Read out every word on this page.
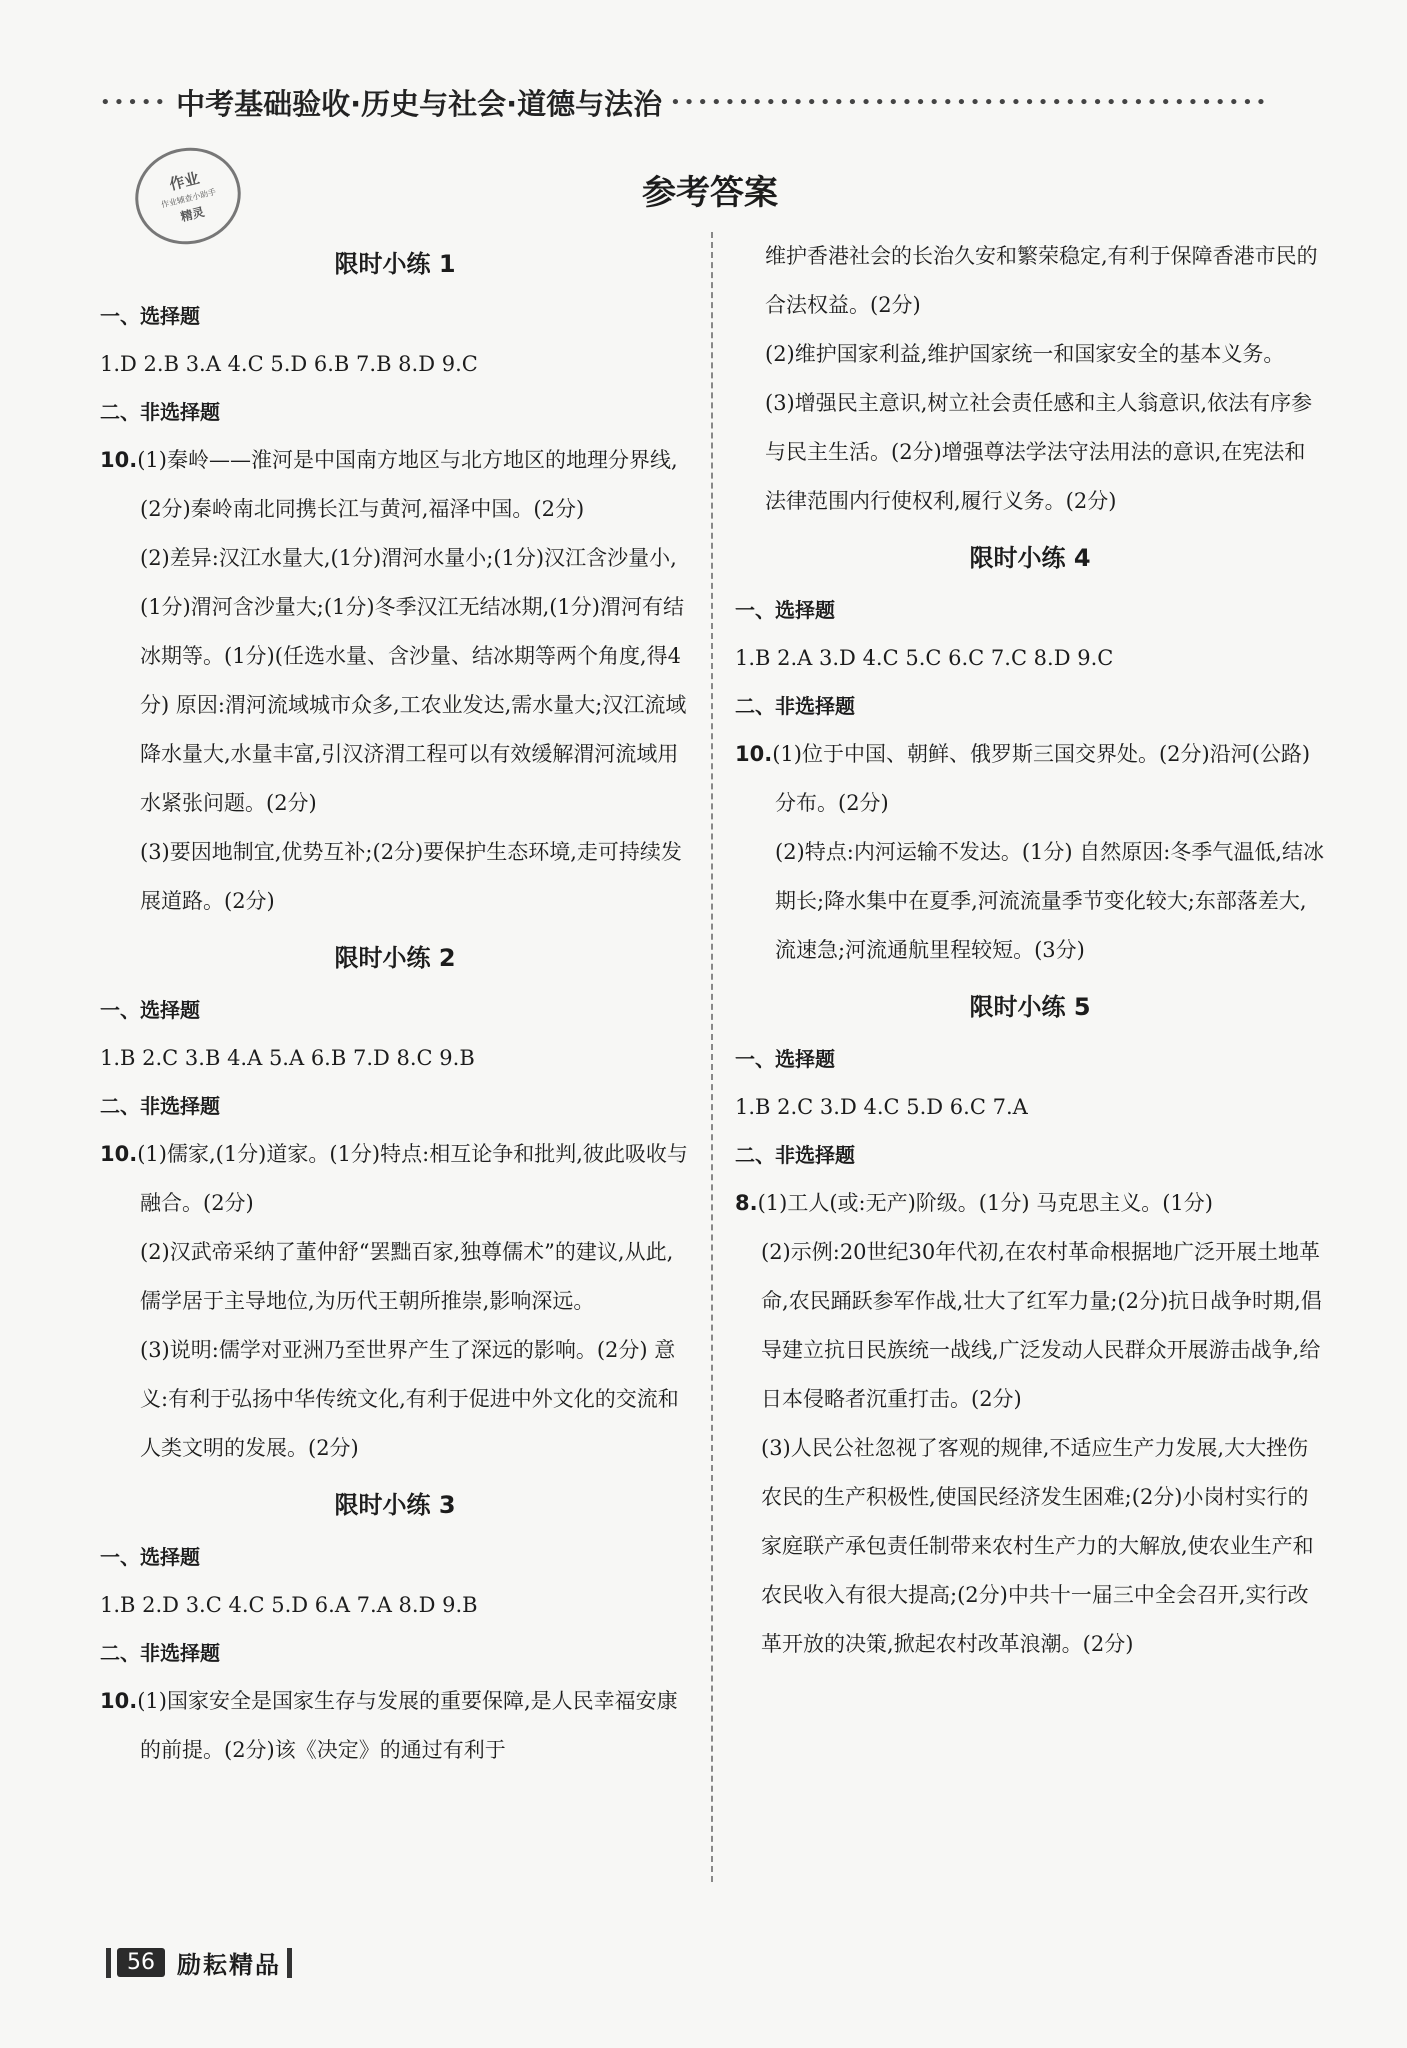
••••• 中考基础验收·历史与社会·道德与法治 ••••••••••••••••••••••••••••••••••••••••••••
作业
作业辅查小助手
精灵
参考答案
限时小练 1
一、选择题
1.D 2.B 3.A 4.C 5.D 6.B 7.B 8.D 9.C
二、非选择题

10.(1)秦岭——淮河是中国南方地区与北方地区的地理分界线,(2分)秦岭南北同携长江与黄河,福泽中国。(2分)

(2)差异:汉江水量大,(1分)渭河水量小;(1分)汉江含沙量小,(1分)渭河含沙量大;(1分)冬季汉江无结冰期,(1分)渭河有结冰期等。(1分)(任选水量、含沙量、结冰期等两个角度,得4分) 原因:渭河流域城市众多,工农业发达,需水量大;汉江流域降水量大,水量丰富,引汉济渭工程可以有效缓解渭河流域用水紧张问题。(2分)

(3)要因地制宜,优势互补;(2分)要保护生态环境,走可持续发展道路。(2分)

限时小练 2
一、选择题
1.B 2.C 3.B 4.A 5.A 6.B 7.D 8.C 9.B
二、非选择题

10.(1)儒家,(1分)道家。(1分)特点:相互论争和批判,彼此吸收与融合。(2分)

(2)汉武帝采纳了董仲舒“罢黜百家,独尊儒术”的建议,从此,儒学居于主导地位,为历代王朝所推崇,影响深远。

(3)说明:儒学对亚洲乃至世界产生了深远的影响。(2分) 意义:有利于弘扬中华传统文化,有利于促进中外文化的交流和人类文明的发展。(2分)

限时小练 3
一、选择题
1.B 2.D 3.C 4.C 5.D 6.A 7.A 8.D 9.B
二、非选择题

10.(1)国家安全是国家生存与发展的重要保障,是人民幸福安康的前提。(2分)该《决定》的通过有利于

维护香港社会的长治久安和繁荣稳定,有利于保障香港市民的合法权益。(2分)

(2)维护国家利益,维护国家统一和国家安全的基本义务。

(3)增强民主意识,树立社会责任感和主人翁意识,依法有序参与民主生活。(2分)增强尊法学法守法用法的意识,在宪法和法律范围内行使权利,履行义务。(2分)

限时小练 4
一、选择题
1.B 2.A 3.D 4.C 5.C 6.C 7.C 8.D 9.C
二、非选择题

10.(1)位于中国、朝鲜、俄罗斯三国交界处。(2分)沿河(公路)分布。(2分)

(2)特点:内河运输不发达。(1分) 自然原因:冬季气温低,结冰期长;降水集中在夏季,河流流量季节变化较大;东部落差大,流速急;河流通航里程较短。(3分)

限时小练 5
一、选择题
1.B 2.C 3.D 4.C 5.D 6.C 7.A
二、非选择题

8.(1)工人(或:无产)阶级。(1分) 马克思主义。(1分)

(2)示例:20世纪30年代初,在农村革命根据地广泛开展土地革命,农民踊跃参军作战,壮大了红军力量;(2分)抗日战争时期,倡导建立抗日民族统一战线,广泛发动人民群众开展游击战争,给日本侵略者沉重打击。(2分)

(3)人民公社忽视了客观的规律,不适应生产力发展,大大挫伤农民的生产积极性,使国民经济发生困难;(2分)小岗村实行的家庭联产承包责任制带来农村生产力的大解放,使农业生产和农民收入有很大提高;(2分)中共十一届三中全会召开,实行改革开放的决策,掀起农村改革浪潮。(2分)

56 励耘精品
